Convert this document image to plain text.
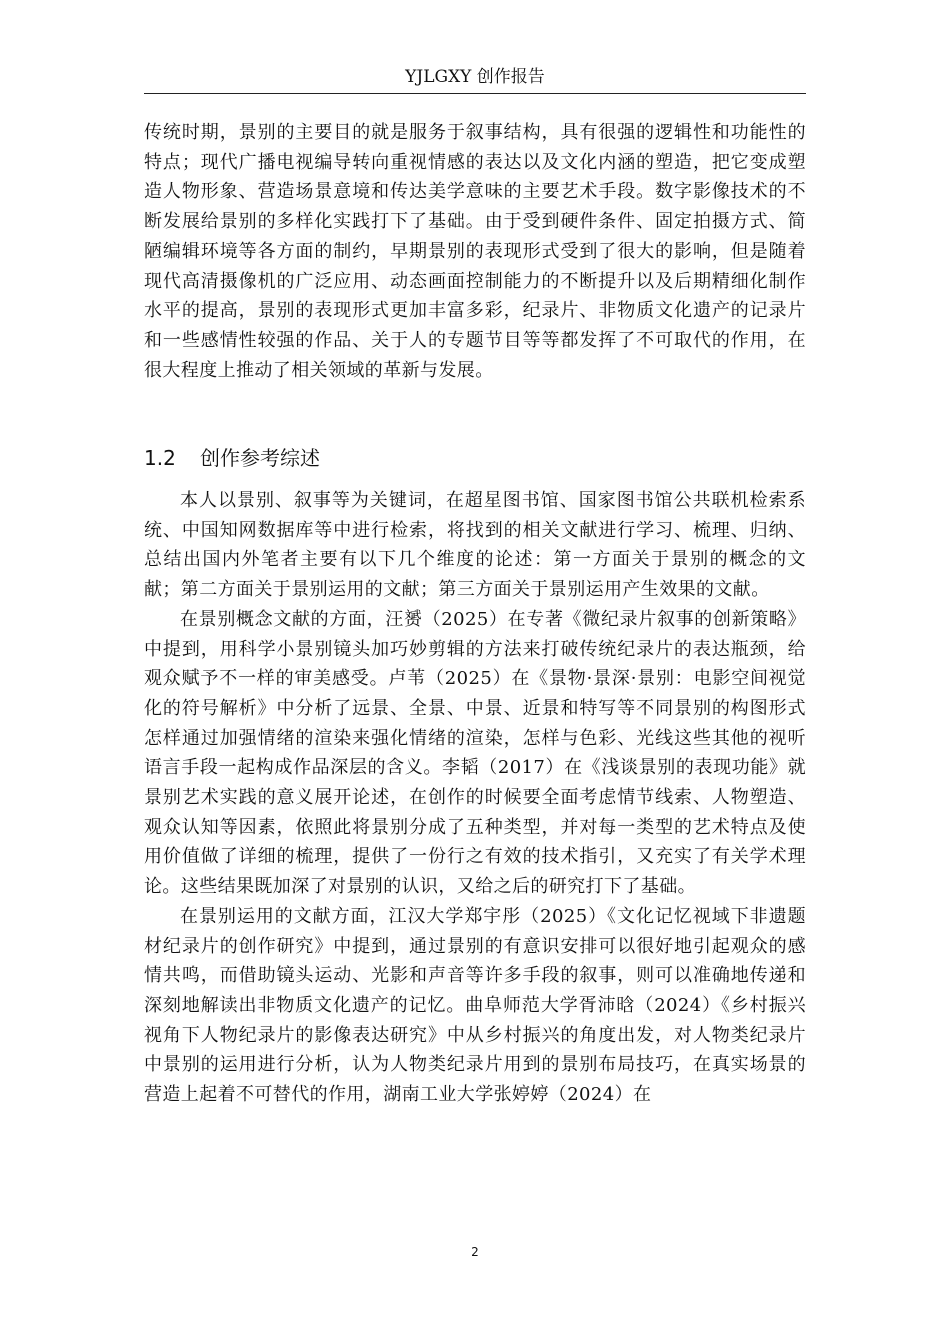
YJLGXY 创作报告
传统时期，景别的主要目的就是服务于叙事结构，具有很强的逻辑性和功能性的特点；现代广播电视编导转向重视情感的表达以及文化内涵的塑造，把它变成塑造人物形象、营造场景意境和传达美学意味的主要艺术手段。数字影像技术的不断发展给景别的多样化实践打下了基础。由于受到硬件条件、固定拍摄方式、简陋编辑环境等各方面的制约，早期景别的表现形式受到了很大的影响，但是随着现代高清摄像机的广泛应用、动态画面控制能力的不断提升以及后期精细化制作水平的提高，景别的表现形式更加丰富多彩，纪录片、非物质文化遗产的记录片和一些感情性较强的作品、关于人的专题节目等等都发挥了不可取代的作用，在很大程度上推动了相关领域的革新与发展。
1.2 创作参考综述

本人以景别、叙事等为关键词，在超星图书馆、国家图书馆公共联机检索系统、中国知网数据库等中进行检索，将找到的相关文献进行学习、梳理、归纳、总结出国内外笔者主要有以下几个维度的论述：第一方面关于景别的概念的文献；第二方面关于景别运用的文献；第三方面关于景别运用产生效果的文献。

在景别概念文献的方面，汪赟（2025）在专著《微纪录片叙事的创新策略》中提到，用科学小景别镜头加巧妙剪辑的方法来打破传统纪录片的表达瓶颈，给观众赋予不一样的审美感受。卢苇（2025）在《景物·景深·景别：电影空间视觉化的符号解析》中分析了远景、全景、中景、近景和特写等不同景别的构图形式怎样通过加强情绪的渲染来强化情绪的渲染，怎样与色彩、光线这些其他的视听语言手段一起构成作品深层的含义。李韬（2017）在《浅谈景别的表现功能》就景别艺术实践的意义展开论述，在创作的时候要全面考虑情节线索、人物塑造、观众认知等因素，依照此将景别分成了五种类型，并对每一类型的艺术特点及使用价值做了详细的梳理，提供了一份行之有效的技术指引，又充实了有关学术理论。这些结果既加深了对景别的认识，又给之后的研究打下了基础。

在景别运用的文献方面，江汉大学郑宇彤（2025）《文化记忆视域下非遗题材纪录片的创作研究》中提到，通过景别的有意识安排可以很好地引起观众的感情共鸣，而借助镜头运动、光影和声音等许多手段的叙事，则可以准确地传递和深刻地解读出非物质文化遗产的记忆。曲阜师范大学胥沛晗（2024）《乡村振兴视角下人物纪录片的影像表达研究》中从乡村振兴的角度出发，对人物类纪录片中景别的运用进行分析，认为人物类纪录片用到的景别布局技巧，在真实场景的营造上起着不可替代的作用，湖南工业大学张婷婷（2024）在

2
